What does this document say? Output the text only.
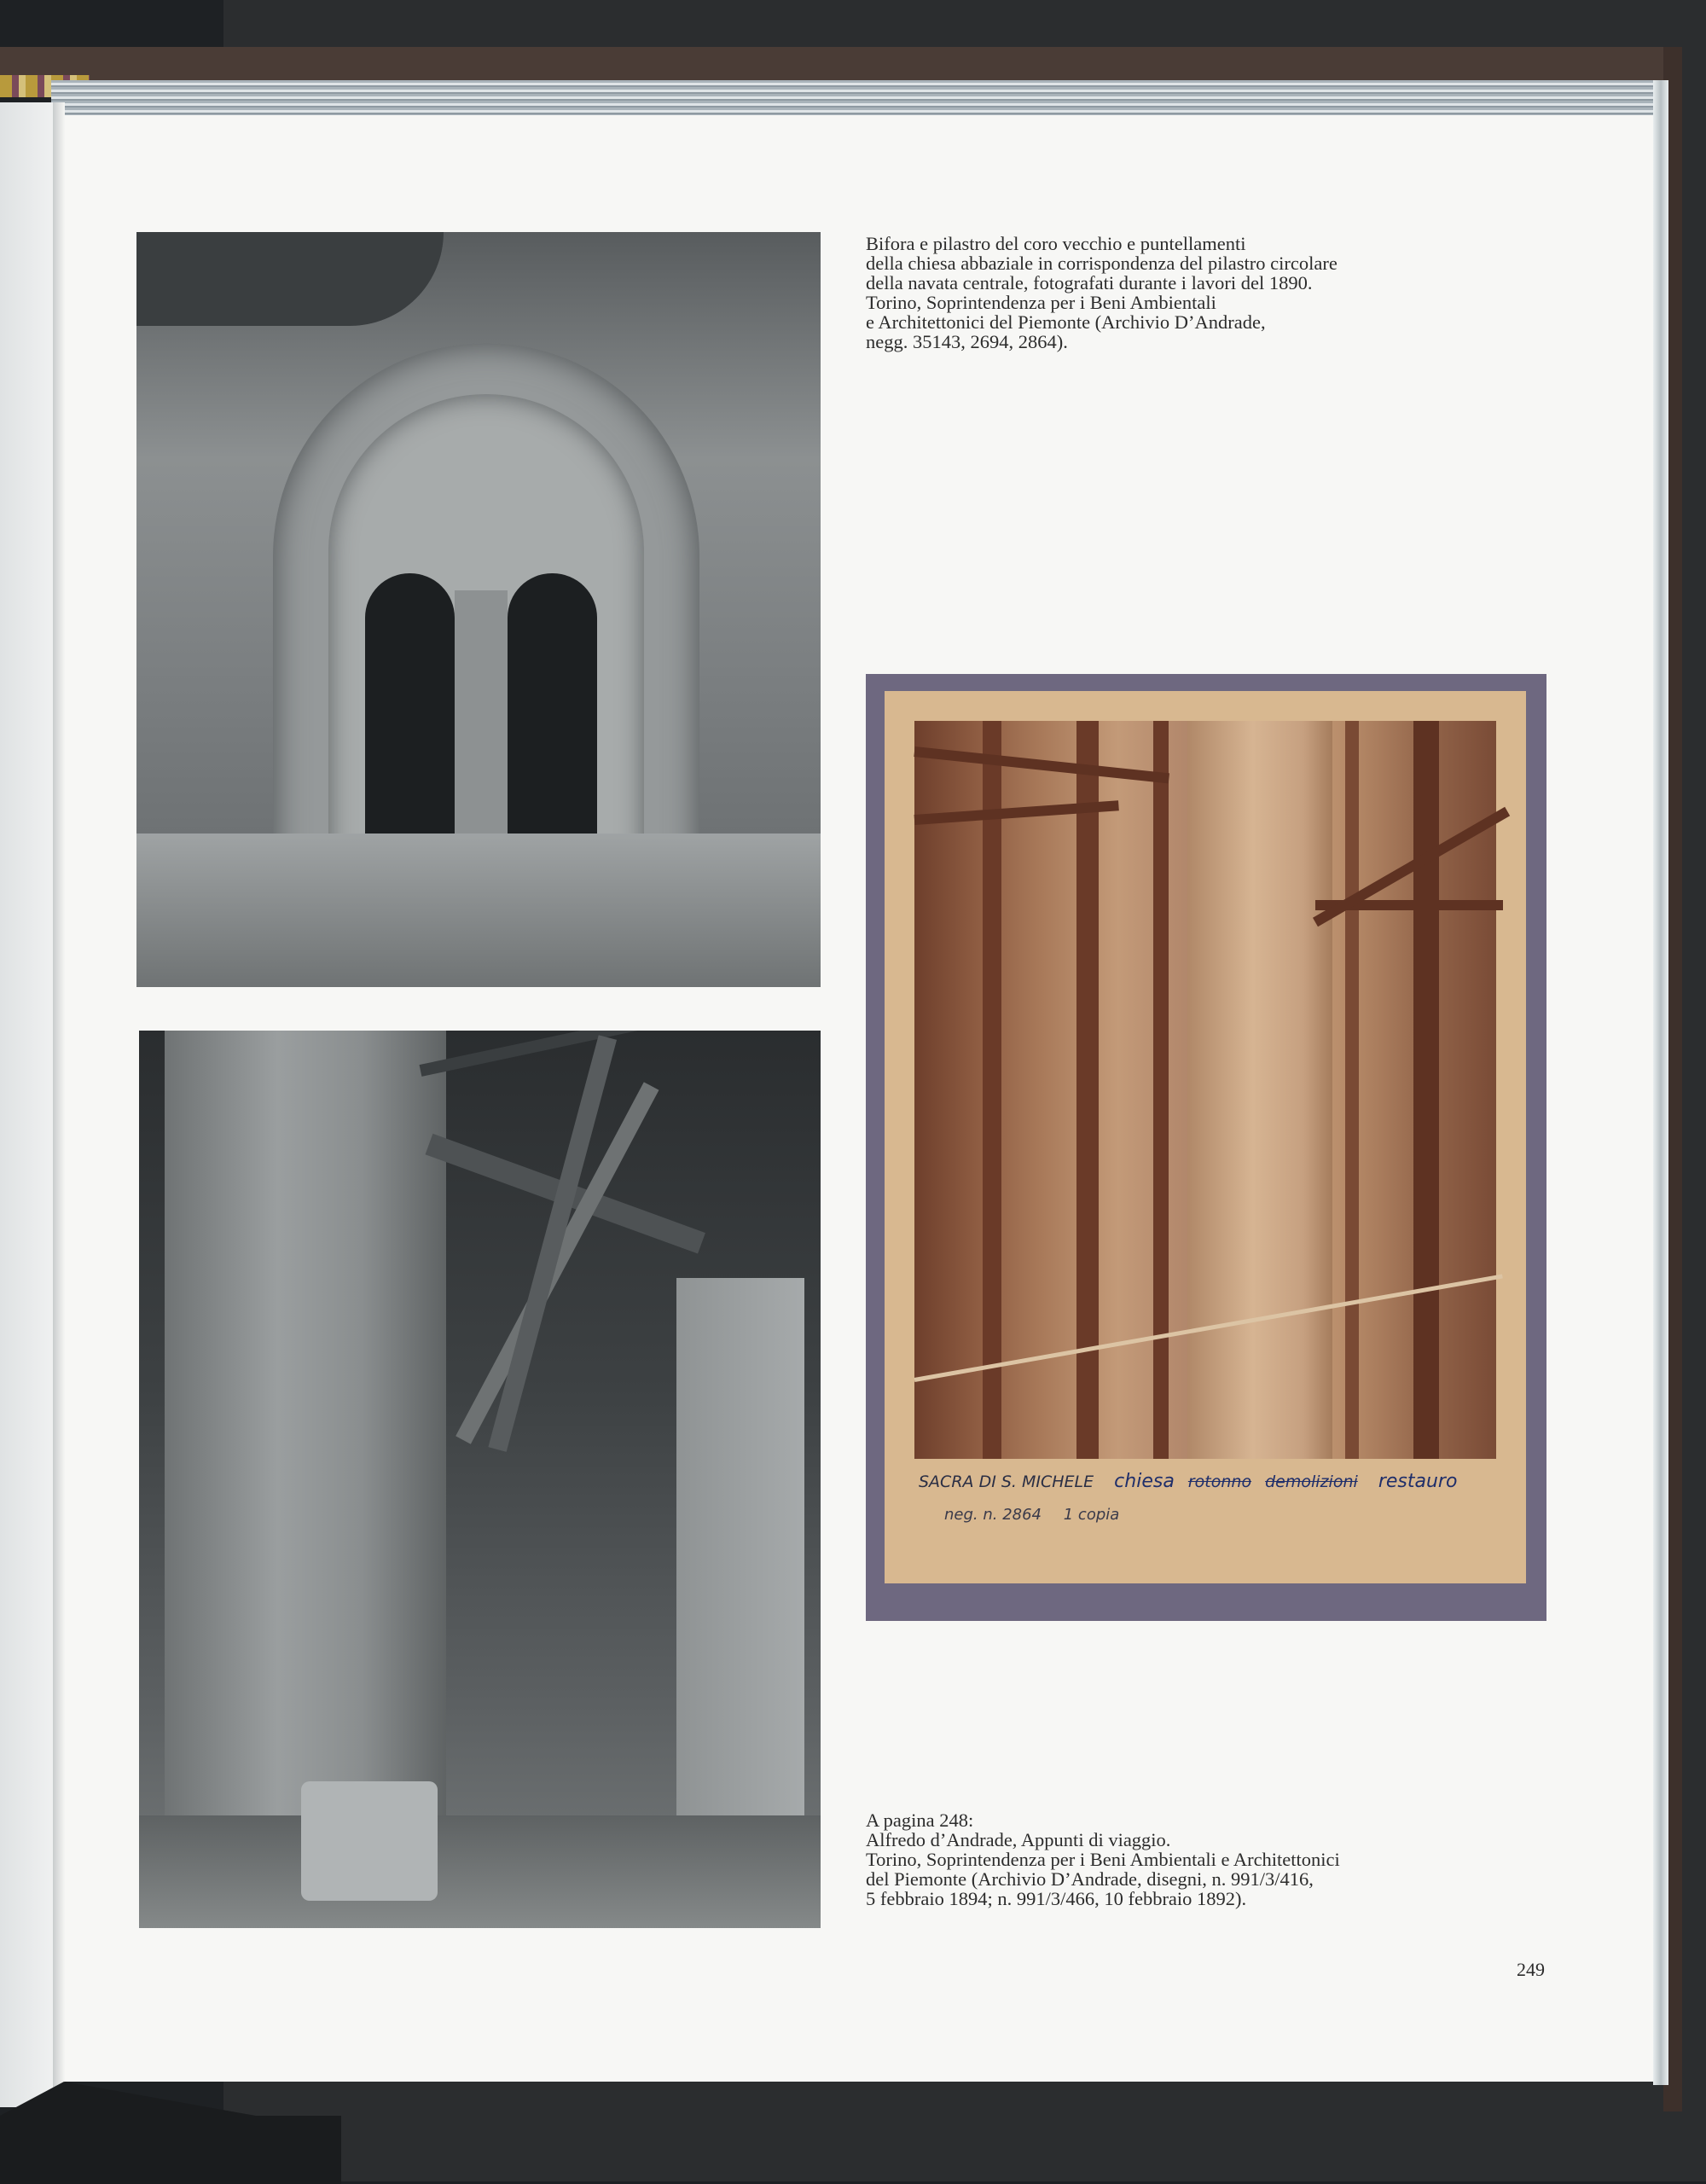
SACRA DI S. MICHELE chiesa rotonno demolizioni restauro
neg. n. 2864 1 copia
Bifora e pilastro del coro vecchio e puntellamenti
della chiesa abbaziale in corrispondenza del pilastro circolare
della navata centrale, fotografati durante i lavori del 1890.
Torino, Soprintendenza per i Beni Ambientali
e Architettonici del Piemonte (Archivio D’Andrade,
negg. 35143, 2694, 2864).
A pagina 248:
Alfredo d’Andrade, Appunti di viaggio.
Torino, Soprintendenza per i Beni Ambientali e Architettonici
del Piemonte (Archivio D’Andrade, disegni, n. 991/3/416,
5 febbraio 1894; n. 991/3/466, 10 febbraio 1892).
249
